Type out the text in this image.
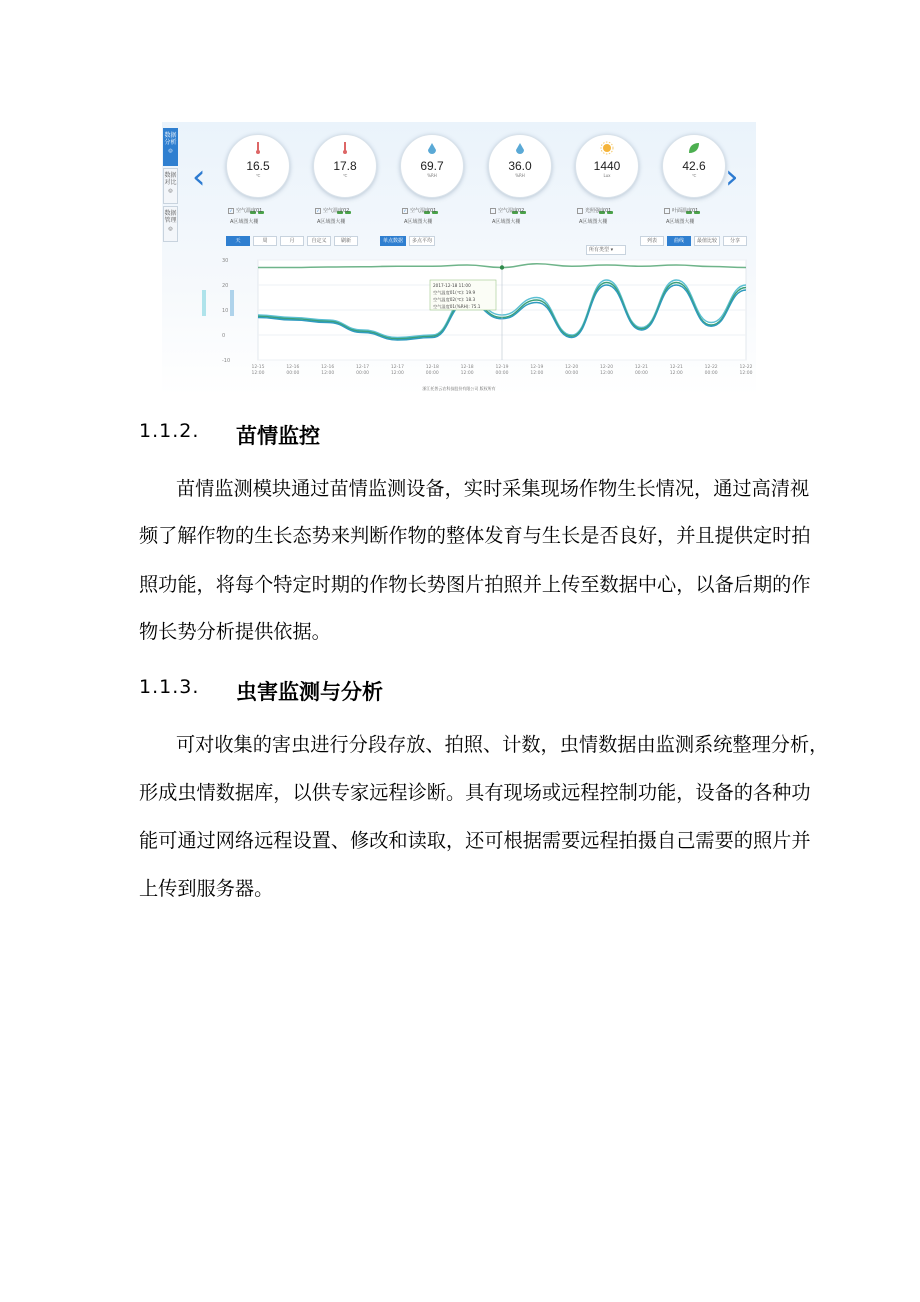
数据分析
◎
数据对比
◎
数据管理
◎
‹	›
16.5
℃
✓ 空气温度01
A区域图大棚
17.8
℃
✓ 空气温度02
A区域图大棚
69.7
%RH
✓ 空气湿度01
A区域图大棚
36.0
%RH
空气湿度02
A区域图大棚
1440
Lux
光照强度01
A区域图大棚
42.6
℃
叶面温度01
A区域图大棚
天	周	月	自定义	刷新	单点数据 多点平均
所有类型 ▾
列表	曲线	最值比较	分享
30
20
10
0
-10
12-15
12:00
12-16
00:00
12-16
12:00
12-17
00:00
12-17
12:00
12-18
00:00
12-18
12:00
12-19
00:00
12-19
12:00
12-20
00:00
12-20
12:00
12-21
00:00
12-21
12:00
12-22
00:00
12-22
12:00
2017-12-18 11:00
空气温度01(℃): 19.9
空气温度02(℃): 18.3
空气湿度01(%RH): 75.1
浙江托普云农科技股份有限公司 版权所有
1.1.2. 苗情监控
苗情监测模块通过苗情监测设备，实时采集现场作物生长情况，通过高清视
频了解作物的生长态势来判断作物的整体发育与生长是否良好，并且提供定时拍
照功能，将每个特定时期的作物长势图片拍照并上传至数据中心，以备后期的作
物长势分析提供依据。
1.1.3. 虫害监测与分析
可对收集的害虫进行分段存放、拍照、计数，虫情数据由监测系统整理分析，
形成虫情数据库，以供专家远程诊断。具有现场或远程控制功能，设备的各种功
能可通过网络远程设置、修改和读取，还可根据需要远程拍摄自己需要的照片并
上传到服务器。
